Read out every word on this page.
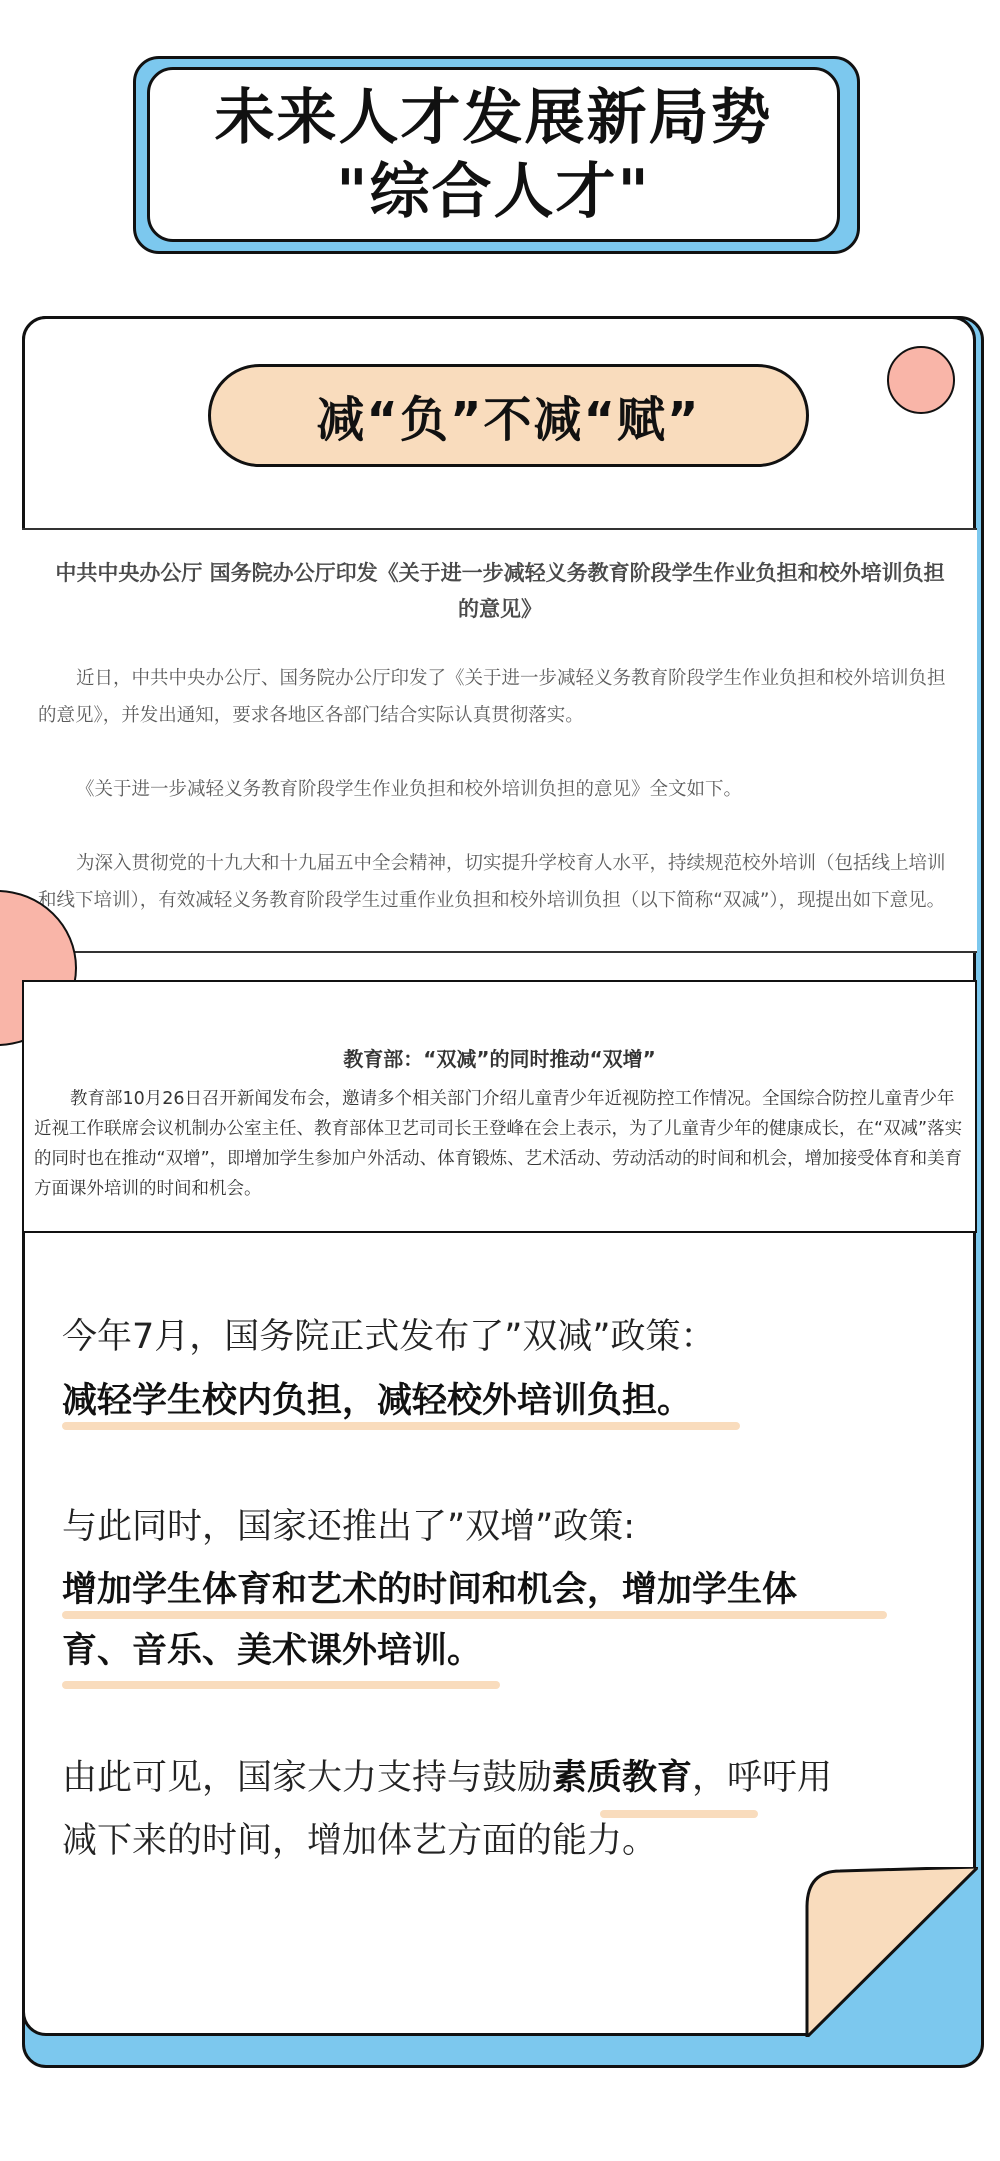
未来人才发展新局势
"综合人才"
减“负”不减“赋”
中共中央办公厅 国务院办公厅印发《关于进一步减轻义务教育阶段学生作业负担和校外培训负担的意见》
近日，中共中央办公厅、国务院办公厅印发了《关于进一步减轻义务教育阶段学生作业负担和校外培训负担的意见》，并发出通知，要求各地区各部门结合实际认真贯彻落实。
《关于进一步减轻义务教育阶段学生作业负担和校外培训负担的意见》全文如下。
为深入贯彻党的十九大和十九届五中全会精神，切实提升学校育人水平，持续规范校外培训（包括线上培训和线下培训），有效减轻义务教育阶段学生过重作业负担和校外培训负担（以下简称“双减”），现提出如下意见。
教育部：“双减”的同时推动“双增”
教育部10月26日召开新闻发布会，邀请多个相关部门介绍儿童青少年近视防控工作情况。全国综合防控儿童青少年近视工作联席会议机制办公室主任、教育部体卫艺司司长王登峰在会上表示，为了儿童青少年的健康成长，在“双减”落实的同时也在推动“双增”，即增加学生参加户外活动、体育锻炼、艺术活动、劳动活动的时间和机会，增加接受体育和美育方面课外培训的时间和机会。
今年7月，国务院正式发布了”双减”政策：
减轻学生校内负担，减轻校外培训负担。
与此同时，国家还推出了”双增”政策:
增加学生体育和艺术的时间和机会，增加学生体
育、音乐、美术课外培训。
由此可见，国家大力支持与鼓励素质教育，呼吁用
减下来的时间，增加体艺方面的能力。
